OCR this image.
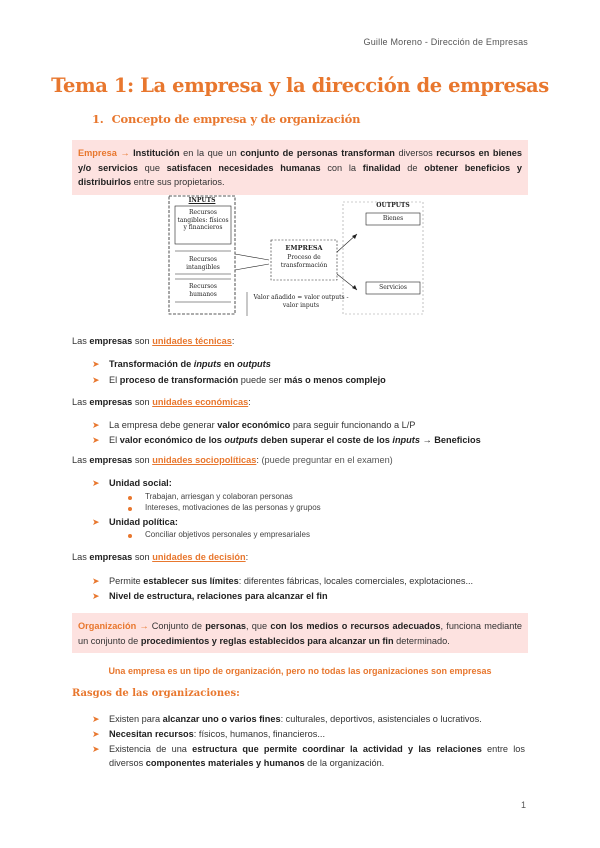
Guille Moreno - Dirección de Empresas
Tema 1: La empresa y la dirección de empresas
1. Concepto de empresa y de organización
Empresa → Institución en la que un conjunto de personas transforman diversos recursos en bienes y/o servicios que satisfacen necesidades humanas con la finalidad de obtener beneficios y distribuirlos entre sus propietarios.
INPUTS
Recursos tangibles: físicos y financieros
Recursos intangibles
Recursos humanos
EMPRESA
Proceso de transformación
OUTPUTS
Bienes
Servicios
Valor añadido = valor outputs - valor inputs
Las empresas son unidades técnicas:
➤ Transformación de inputs en outputs
➤ El proceso de transformación puede ser más o menos complejo
Las empresas son unidades económicas:
➤ La empresa debe generar valor económico para seguir funcionando a L/P
➤ El valor económico de los outputs deben superar el coste de los inputs → Beneficios
Las empresas son unidades sociopolíticas: (puede preguntar en el examen)
➤ Unidad social:
Trabajan, arriesgan y colaboran personas
Intereses, motivaciones de las personas y grupos
➤ Unidad política:
Conciliar objetivos personales y empresariales
Las empresas son unidades de decisión:
➤ Permite establecer sus límites: diferentes fábricas, locales comerciales, explotaciones...
➤ Nivel de estructura, relaciones para alcanzar el fin
Organización → Conjunto de personas, que con los medios o recursos adecuados, funciona mediante un conjunto de procedimientos y reglas establecidos para alcanzar un fin determinado.
Una empresa es un tipo de organización, pero no todas las organizaciones son empresas
Rasgos de las organizaciones:
➤ Existen para alcanzar uno o varios fines: culturales, deportivos, asistenciales o lucrativos.
➤ Necesitan recursos: físicos, humanos, financieros...
➤ Existencia de una estructura que permite coordinar la actividad y las relaciones entre los diversos componentes materiales y humanos de la organización.
1
